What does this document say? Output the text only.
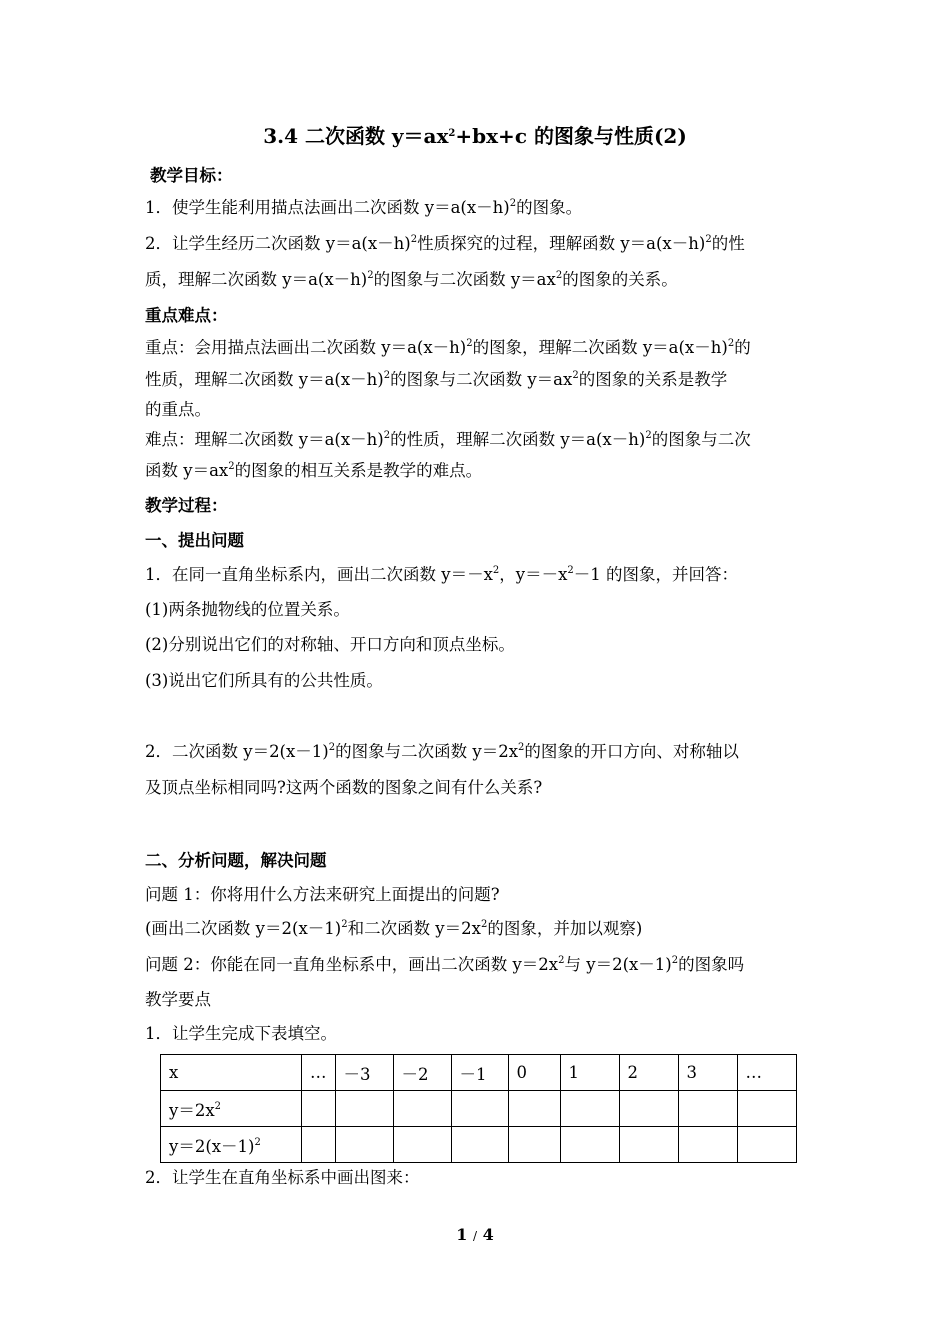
3.4 二次函数 $y=ax^2+bx+c$ 的图象与性质(2)
教学目标：
1．使学生能利用描点法画出二次函数 $y=a(x-h)^2$的图象。
2．让学生经历二次函数 $y=a(x-h)^2$性质探究的过程，理解函数 $y=a(x-h)^2$的性
质，理解二次函数 $y=a(x-h)^2$的图象与二次函数 $y=ax^2$的图象的关系。
重点难点：
重点：会用描点法画出二次函数 $y=a(x-h)^2$的图象，理解二次函数 $y=a(x-h)^2$的
性质，理解二次函数 $y=a(x-h)^2$的图象与二次函数 $y=ax^2$的图象的关系是教学
的重点。
难点：理解二次函数 $y=a(x-h)^2$的性质，理解二次函数 $y=a(x-h)^2$的图象与二次
函数 $y=ax^2$的图象的相互关系是教学的难点。
教学过程：
一、提出问题
1．在同一直角坐标系内，画出二次函数 $y=-x^2$，$y=-x^2-1$ 的图象，并回答：
(1)两条抛物线的位置关系。
(2)分别说出它们的对称轴、开口方向和顶点坐标。
(3)说出它们所具有的公共性质。
2．二次函数 $y=2(x-1)^2$的图象与二次函数 $y=2x^2$的图象的开口方向、对称轴以
及顶点坐标相同吗?这两个函数的图象之间有什么关系?
二、分析问题，解决问题
问题 1：你将用什么方法来研究上面提出的问题?
(画出二次函数 $y=2(x-1)^2$和二次函数 $y=2x^2$的图象，并加以观察)
问题 2：你能在同一直角坐标系中，画出二次函数 $y=2x^2$与 $y=2(x-1)^2$的图象吗
教学要点
1．让学生完成下表填空。
x	…	－3	－2	－1	0	1	2	3	…
$y=2x^2$									
$y=2(x-1)^2$									
2．让学生在直角坐标系中画出图来：
1 / 4
